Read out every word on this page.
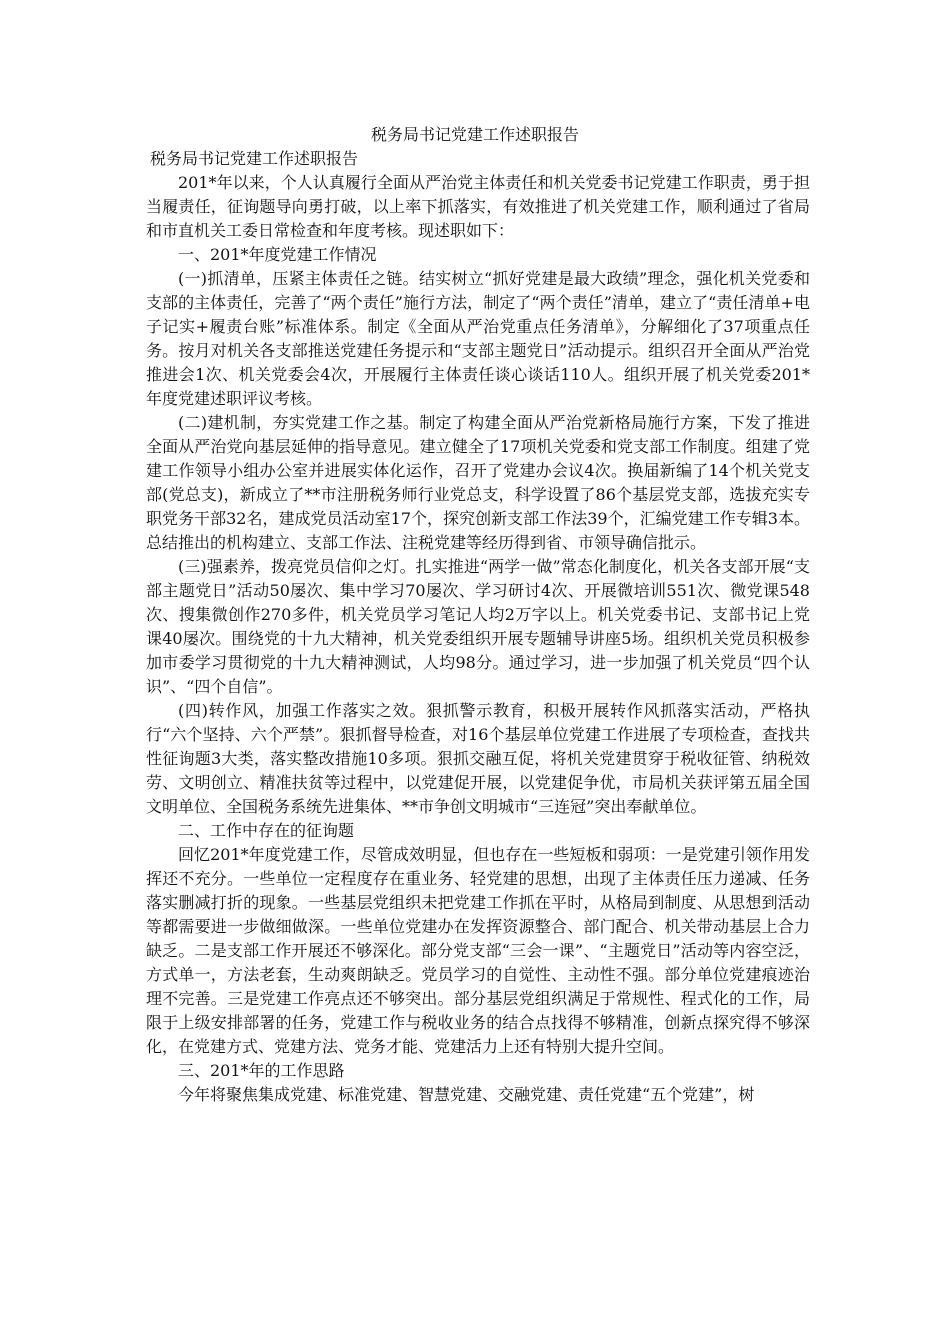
税务局书记党建工作述职报告

税务局书记党建工作述职报告

201*年以来，个人认真履行全面从严治党主体责任和机关党委书记党建工作职责，勇于担当履责任，征询题导向勇打破，以上率下抓落实，有效推进了机关党建工作，顺利通过了省局和市直机关工委日常检查和年度考核。现述职如下：

一、201*年度党建工作情况

(一)抓清单，压紧主体责任之链。结实树立“抓好党建是最大政绩”理念，强化机关党委和支部的主体责任，完善了“两个责任”施行方法，制定了“两个责任”清单，建立了“责任清单+电子记实+履责台账”标准体系。制定《全面从严治党重点任务清单》，分解细化了37项重点任务。按月对机关各支部推送党建任务提示和“支部主题党日”活动提示。组织召开全面从严治党推进会1次、机关党委会4次，开展履行主体责任谈心谈话110人。组织开展了机关党委201*年度党建述职评议考核。

(二)建机制，夯实党建工作之基。制定了构建全面从严治党新格局施行方案，下发了推进全面从严治党向基层延伸的指导意见。建立健全了17项机关党委和党支部工作制度。组建了党建工作领导小组办公室并进展实体化运作，召开了党建办会议4次。换届新编了14个机关党支部(党总支)，新成立了**市注册税务师行业党总支，科学设置了86个基层党支部，选拔充实专职党务干部32名，建成党员活动室17个，探究创新支部工作法39个，汇编党建工作专辑3本。总结推出的机构建立、支部工作法、注税党建等经历得到省、市领导确信批示。

(三)强素养，拨亮党员信仰之灯。扎实推进“两学一做”常态化制度化，机关各支部开展“支部主题党日”活动50屡次、集中学习70屡次、学习研讨4次、开展微培训551次、微党课548次、搜集微创作270多件，机关党员学习笔记人均2万字以上。机关党委书记、支部书记上党课40屡次。围绕党的十九大精神，机关党委组织开展专题辅导讲座5场。组织机关党员积极参加市委学习贯彻党的十九大精神测试，人均98分。通过学习，进一步加强了机关党员“四个认识”、“四个自信”。

(四)转作风，加强工作落实之效。狠抓警示教育，积极开展转作风抓落实活动，严格执行“六个坚持、六个严禁”。狠抓督导检查，对16个基层单位党建工作进展了专项检查，查找共性征询题3大类，落实整改措施10多项。狠抓交融互促，将机关党建贯穿于税收征管、纳税效劳、文明创立、精准扶贫等过程中，以党建促开展，以党建促争优，市局机关获评第五届全国文明单位、全国税务系统先进集体、**市争创文明城市“三连冠”突出奉献单位。

二、工作中存在的征询题

回忆201*年度党建工作，尽管成效明显，但也存在一些短板和弱项：一是党建引领作用发挥还不充分。一些单位一定程度存在重业务、轻党建的思想，出现了主体责任压力递减、任务落实删减打折的现象。一些基层党组织未把党建工作抓在平时，从格局到制度、从思想到活动等都需要进一步做细做深。一些单位党建办在发挥资源整合、部门配合、机关带动基层上合力缺乏。二是支部工作开展还不够深化。部分党支部“三会一课”、“主题党日”活动等内容空泛，方式单一，方法老套，生动爽朗缺乏。党员学习的自觉性、主动性不强。部分单位党建痕迹治理不完善。三是党建工作亮点还不够突出。部分基层党组织满足于常规性、程式化的工作，局限于上级安排部署的任务，党建工作与税收业务的结合点找得不够精准，创新点探究得不够深化，在党建方式、党建方法、党务才能、党建活力上还有特别大提升空间。

三、201*年的工作思路

今年将聚焦集成党建、标准党建、智慧党建、交融党建、责任党建“五个党建”，树
